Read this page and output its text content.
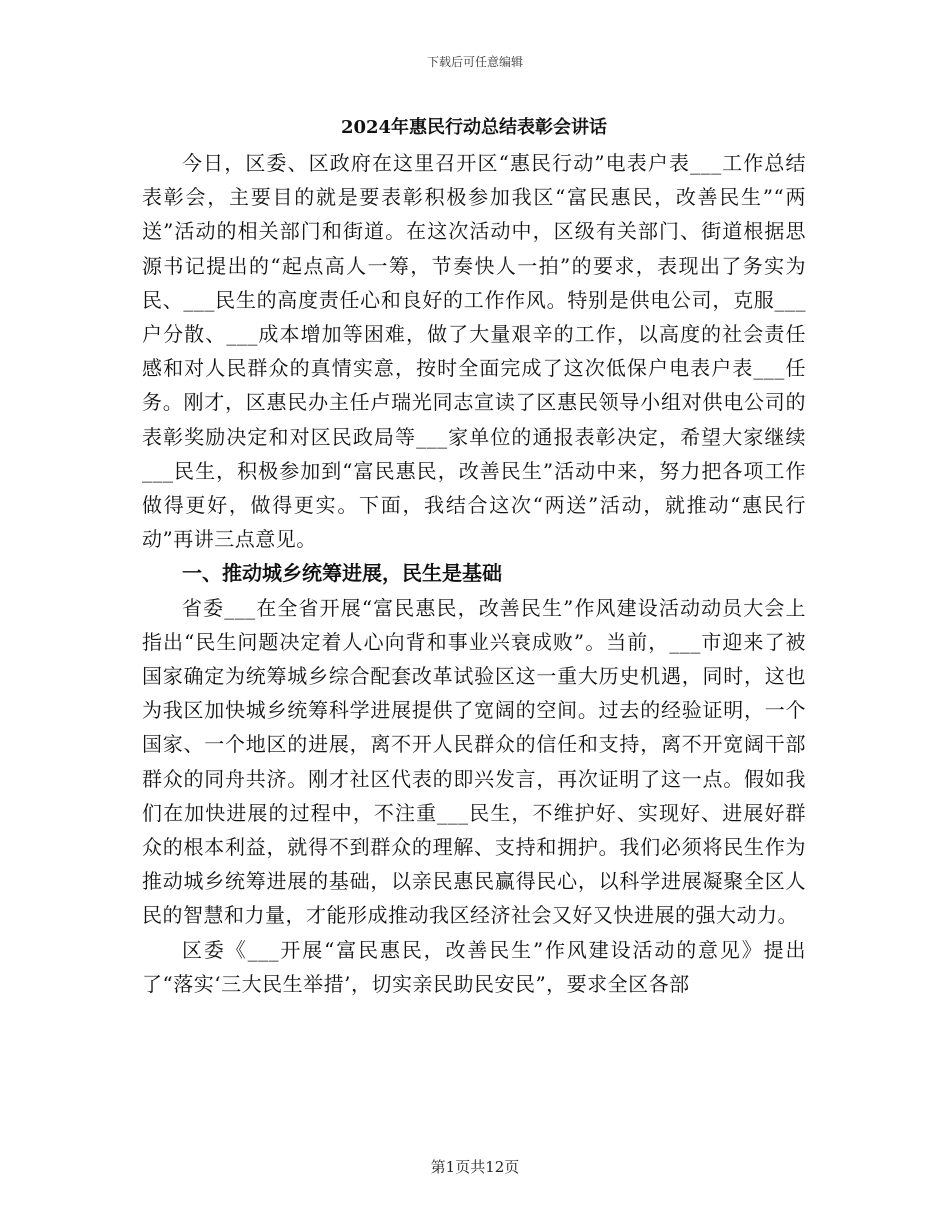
下载后可任意编辑
2024年惠民行动总结表彰会讲话

今日，区委、区政府在这里召开区“惠民行动”电表户表___工作总结表彰会，主要目的就是要表彰积极参加我区“富民惠民，改善民生”“两送”活动的相关部门和街道。在这次活动中，区级有关部门、街道根据思源书记提出的“起点高人一筹，节奏快人一拍”的要求，表现出了务实为民、___民生的高度责任心和良好的工作作风。特别是供电公司，克服___户分散、___成本增加等困难，做了大量艰辛的工作，以高度的社会责任感和对人民群众的真情实意，按时全面完成了这次低保户电表户表___任务。刚才，区惠民办主任卢瑞光同志宣读了区惠民领导小组对供电公司的表彰奖励决定和对区民政局等___家单位的通报表彰决定，希望大家继续___民生，积极参加到“富民惠民，改善民生”活动中来，努力把各项工作做得更好，做得更实。下面，我结合这次“两送”活动，就推动“惠民行动”再讲三点意见。

一、推动城乡统筹进展，民生是基础

省委___在全省开展“富民惠民，改善民生”作风建设活动动员大会上指出“民生问题决定着人心向背和事业兴衰成败”。当前，___市迎来了被国家确定为统筹城乡综合配套改革试验区这一重大历史机遇，同时，这也为我区加快城乡统筹科学进展提供了宽阔的空间。过去的经验证明，一个国家、一个地区的进展，离不开人民群众的信任和支持，离不开宽阔干部群众的同舟共济。刚才社区代表的即兴发言，再次证明了这一点。假如我们在加快进展的过程中，不注重___民生，不维护好、实现好、进展好群众的根本利益，就得不到群众的理解、支持和拥护。我们必须将民生作为推动城乡统筹进展的基础，以亲民惠民赢得民心，以科学进展凝聚全区人民的智慧和力量，才能形成推动我区经济社会又好又快进展的强大动力。

区委《___开展“富民惠民，改善民生”作风建设活动的意见》提出了“落实‘三大民生举措’，切实亲民助民安民”，要求全区各部

第1页共12页
